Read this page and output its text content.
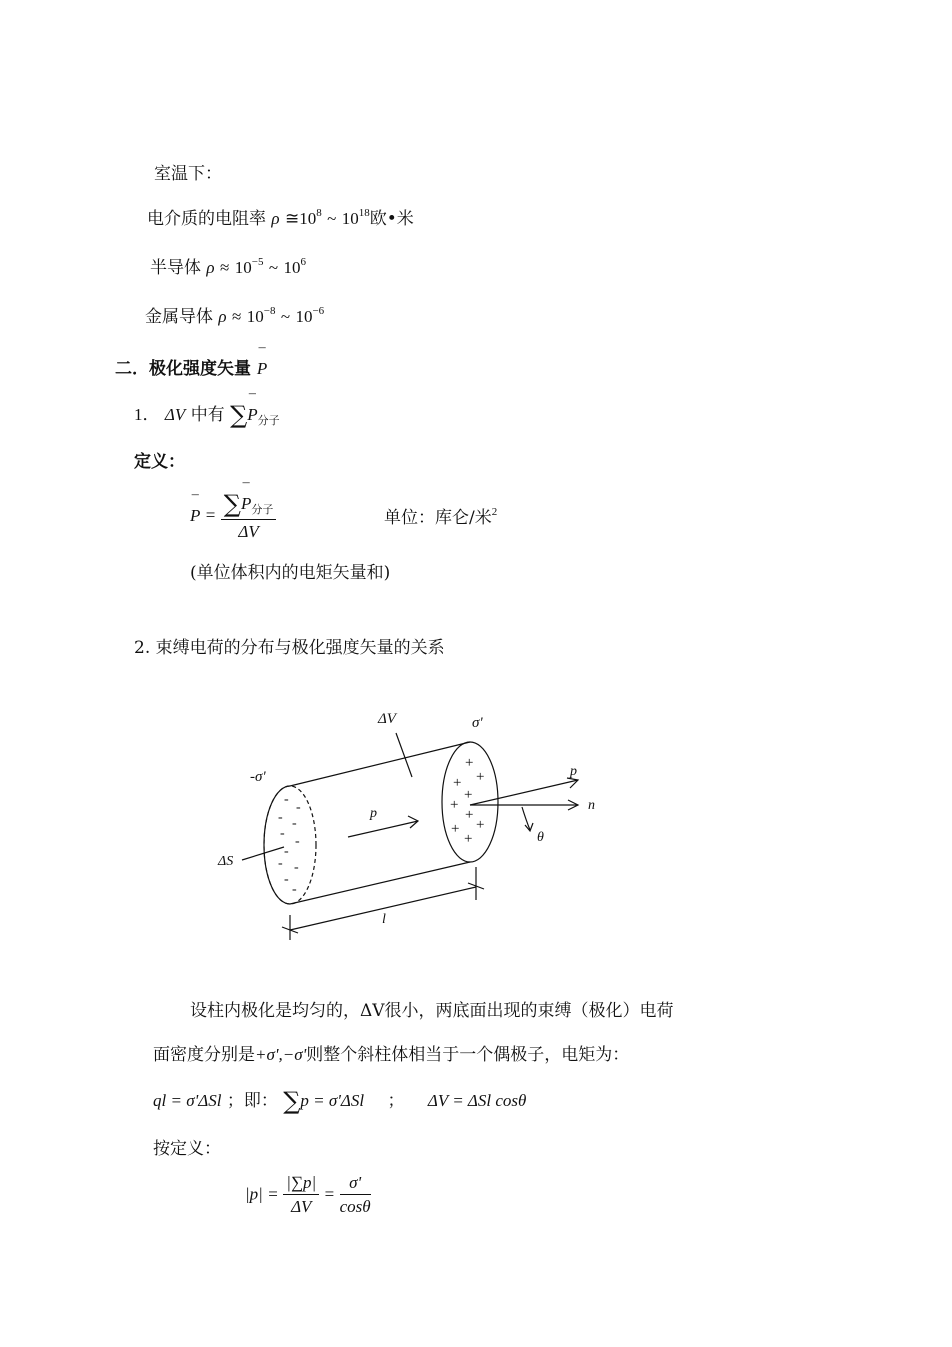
室温下：
电介质的电阻率 ρ $≅10^8$ ~ $10^{18}$欧•米
半导体 $\rho \approx 10^{-5}$ ~ $10^6$
金属导体 $\rho \approx 10^{-8}$ ~ $10^{-6}$
二．极化强度矢量 ¯ P
1． ΔV 中有 ∑¯ $P_{分子}$
定义：
¯ $P = \frac{\sum¯ P_{分子}}{\Delta V}$	单位：库仑/米$^2$
(单位体积内的电矩矢量和)
2. 束缚电荷的分布与极化强度矢量的关系
ΔV	σ'
-σ'	p
p
n
θ
ΔS
l
+
+ +
+
+
+
+
+
+
-
-
- -
-
-
-
- -
-
-
设柱内极化是均匀的，ΔV很小，两底面出现的束缚（极化）电荷
面密度分别是+σ',−σ'则整个斜柱体相当于一个偶极子，电矩为：
ql = σ'ΔSl ；即： ∑p = σ'ΔSl ； ΔV = ΔSl cosθ
按定义：
$|p| = \frac{|\sum p|}{\Delta V} = \frac{\sigma'}{\cos\theta}$
